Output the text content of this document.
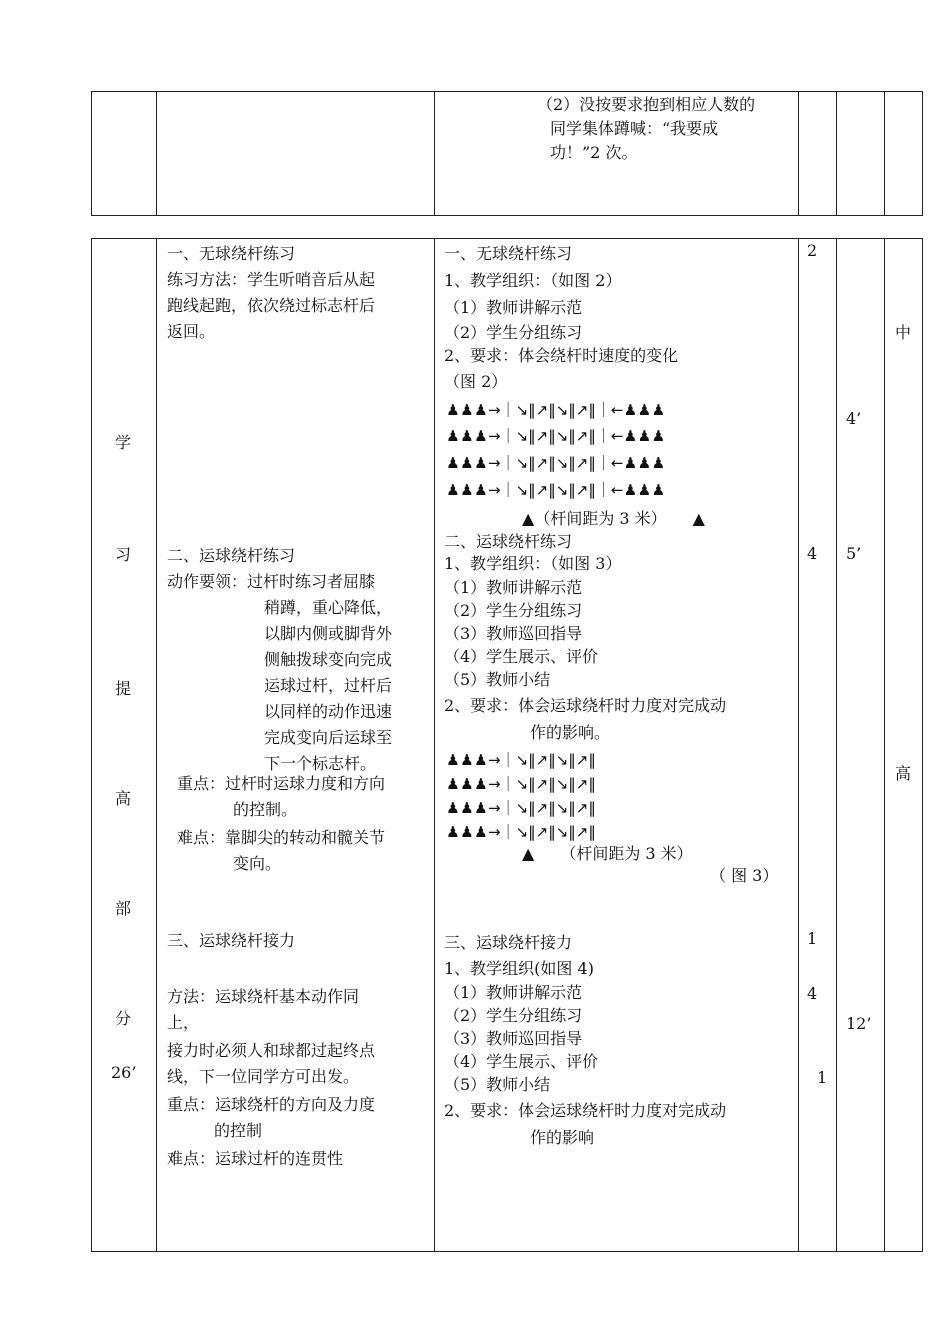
（2）没按要求抱到相应人数的
同学集体蹲喊：“我要成
功！”2 次。
学
习
提
高
部
分
26’
一、无球绕杆练习
练习方法：学生听哨音后从起
跑线起跑，依次绕过标志杆后
返回。
二、运球绕杆练习
动作要领：过杆时练习者屈膝
稍蹲，重心降低，
以脚内侧或脚背外
侧触拨球变向完成
运球过杆，过杆后
以同样的动作迅速
完成变向后运球至
下一个标志杆。
重点：过杆时运球力度和方向
的控制。
难点：靠脚尖的转动和髋关节
变向。
三、运球绕杆接力
方法：运球绕杆基本动作同
上，
接力时必须人和球都过起终点
线，下一位同学方可出发。
重点：运球绕杆的方向及力度
的控制
难点：运球过杆的连贯性
一、无球绕杆练习
1、教学组织：（如图 2）
（1）教师讲解示范
（2）学生分组练习
2、要求：体会绕杆时速度的变化
（图 2）
♟♟♟→｜↘‖↗‖↘‖↗‖｜←♟♟♟
♟♟♟→｜↘‖↗‖↘‖↗‖｜←♟♟♟
♟♟♟→｜↘‖↗‖↘‖↗‖｜←♟♟♟
♟♟♟→｜↘‖↗‖↘‖↗‖｜←♟♟♟
▲（杆间距为 3 米） ▲
二、运球绕杆练习
1、教学组织：（如图 3）
（1）教师讲解示范
（2）学生分组练习
（3）教师巡回指导
（4）学生展示、评价
（5）教师小结
2、要求：体会运球绕杆时力度对完成动
作的影响。
♟♟♟→｜↘‖↗‖↘‖↗‖
♟♟♟→｜↘‖↗‖↘‖↗‖
♟♟♟→｜↘‖↗‖↘‖↗‖
♟♟♟→｜↘‖↗‖↘‖↗‖
▲ （杆间距为 3 米）
（ 图 3）
三、运球绕杆接力
1、教学组织(如图 4)
（1）教师讲解示范
（2）学生分组练习
（3）教师巡回指导
（4）学生展示、评价
（5）教师小结
2、要求：体会运球绕杆时力度对完成动
作的影响
2
4
1
4
1
4’
5’
12’
中
高
